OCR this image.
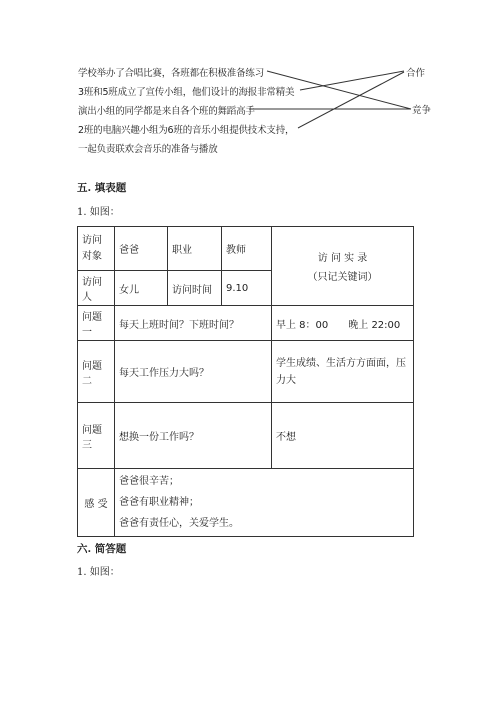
学校举办了合唱比赛，各班都在积极准备练习
3班和5班成立了宣传小组，他们设计的海报非常精美
演出小组的同学都是来自各个班的舞蹈高手
2班的电脑兴趣小组为6班的音乐小组提供技术支持，
一起负责联欢会音乐的准备与播放
合作
竞争
五. 填表题
1. 如图：
访问对象	爸爸	职业	教师	访 问 实 录
（只记关键词）

访问人	女儿	访问时间	9.10	
问题一	每天上班时间？下班时间？			早上 8：00　　晚上 22:00
问题二	每天工作压力大吗？			学生成绩、生活方方面面，压力大
问题三	想换一份工作吗？			不想
感 受	爸爸很辛苦；
爸爸有职业精神；
爸爸有责任心，关爱学生。			
六. 简答题
1. 如图：
